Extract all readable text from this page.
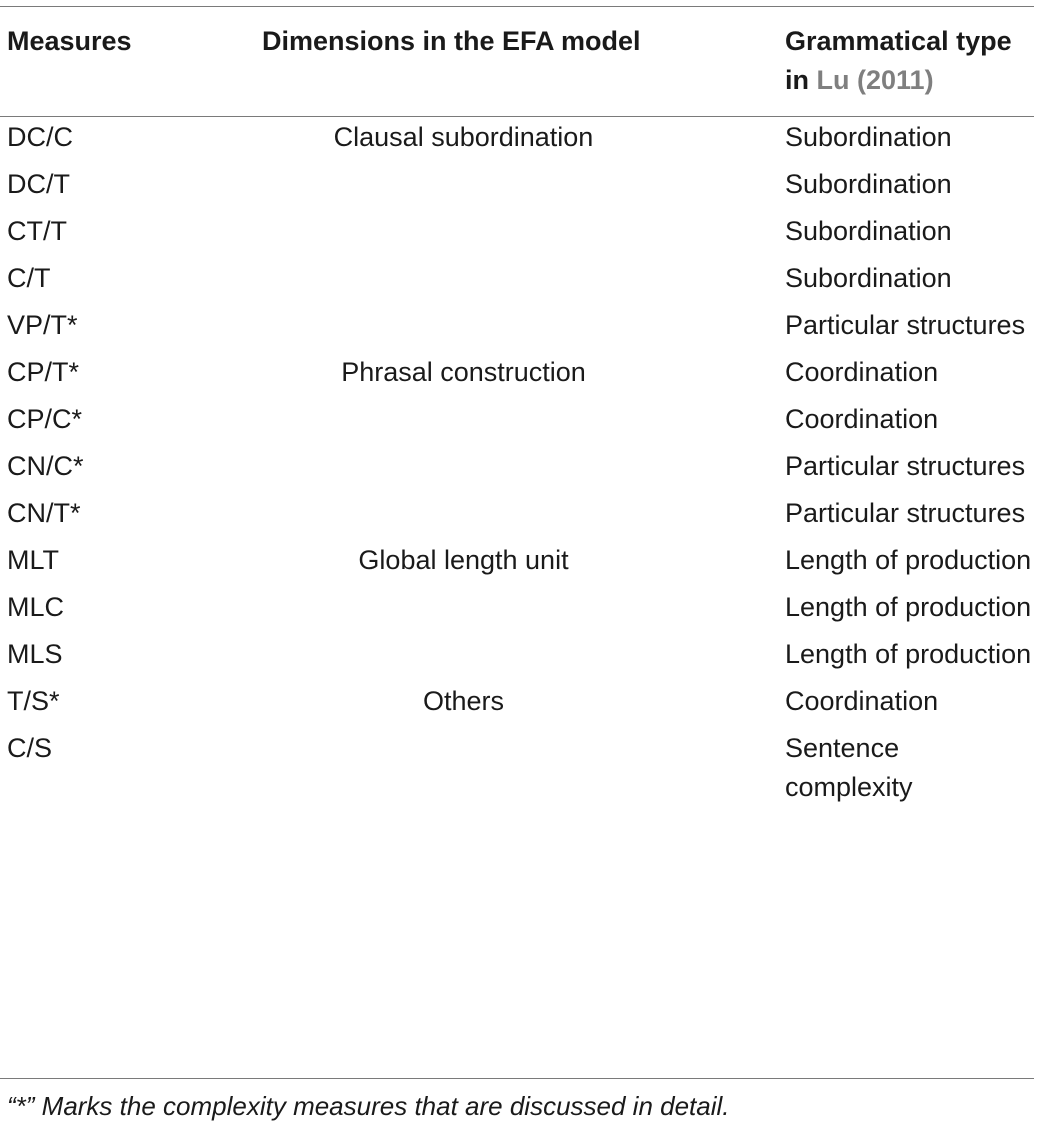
Measures	Dimensions in the EFA model	Grammatical type in Lu (2011)
DC/C	Clausal subordination	Subordination
DC/T		Subordination
CT/T		Subordination
C/T		Subordination
VP/T*		Particular structures
CP/T*	Phrasal construction	Coordination
CP/C*		Coordination
CN/C*		Particular structures
CN/T*		Particular structures
MLT	Global length unit	Length of production
MLC		Length of production
MLS		Length of production
T/S*	Others	Coordination
C/S		Sentence complexity
“*” Marks the complexity measures that are discussed in detail.
